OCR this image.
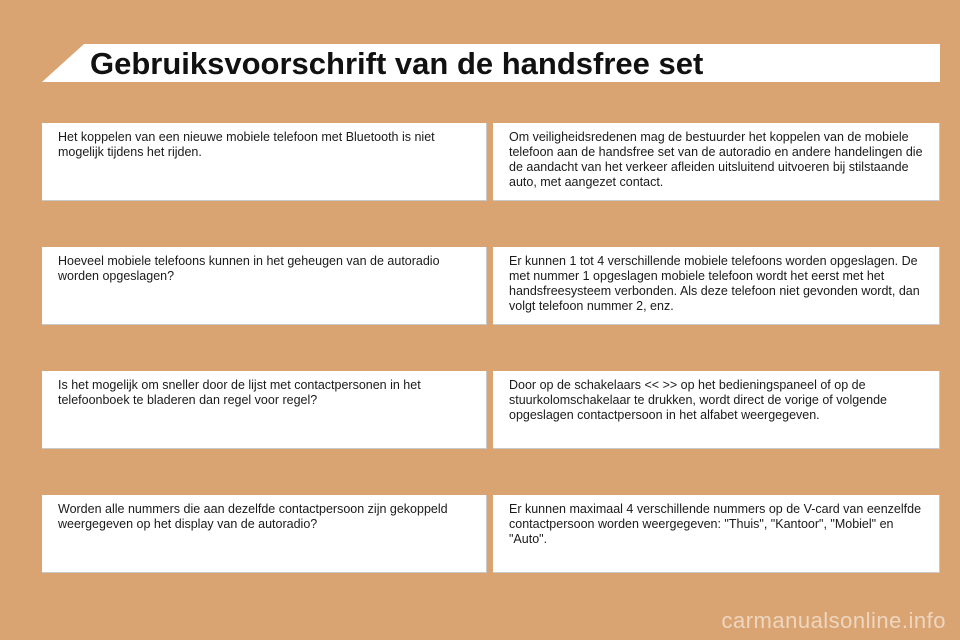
Gebruiksvoorschrift van de handsfree set
Het koppelen van een nieuwe mobiele telefoon met Bluetooth is niet mogelijk tijdens het rijden.
Om veiligheidsredenen mag de bestuurder het koppelen van de mobiele telefoon aan de handsfree set van de autoradio en andere handelingen die de aandacht van het verkeer afleiden uitsluitend uitvoeren bij stilstaande auto, met aangezet contact.
Hoeveel mobiele telefoons kunnen in het geheugen van de autoradio worden opgeslagen?
Er kunnen 1 tot 4 verschillende mobiele telefoons worden opgeslagen. De met nummer 1 opgeslagen mobiele telefoon wordt het eerst met het handsfreesysteem verbonden. Als deze telefoon niet gevonden wordt, dan volgt telefoon nummer 2, enz.
Is het mogelijk om sneller door de lijst met contactpersonen in het telefoonboek te bladeren dan regel voor regel?
Door op de schakelaars << >> op het bedieningspaneel of op de stuurkolomschakelaar te drukken, wordt direct de vorige of volgende opgeslagen contactpersoon in het alfabet weergegeven.
Worden alle nummers die aan dezelfde contactpersoon zijn gekoppeld weergegeven op het display van de autoradio?
Er kunnen maximaal 4 verschillende nummers op de V-card van eenzelfde contactpersoon worden weergegeven: "Thuis", "Kantoor", "Mobiel" en "Auto".
carmanualsonline.info
